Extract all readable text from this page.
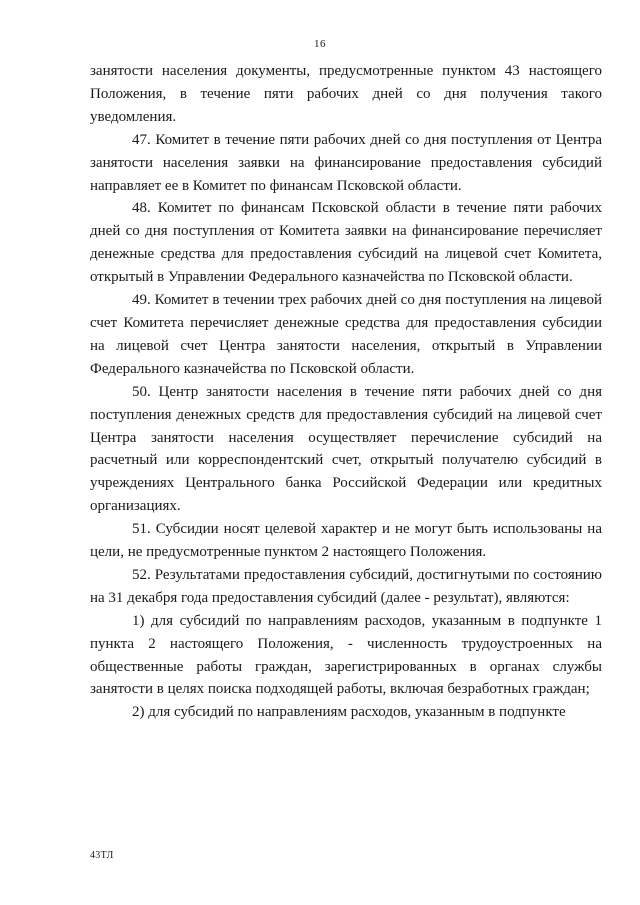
16

занятости населения документы, предусмотренные пунктом 43 настоящего Положения, в течение пяти рабочих дней со дня получения такого уведомления.

47. Комитет в течение пяти рабочих дней со дня поступления от Центра занятости населения заявки на финансирование предоставления субсидий направляет ее в Комитет по финансам Псковской области.

48. Комитет по финансам Псковской области в течение пяти рабочих дней со дня поступления от Комитета заявки на финансирование перечисляет денежные средства для предоставления субсидий на лицевой счет Комитета, открытый в Управлении Федерального казначейства по Псковской области.

49. Комитет в течении трех рабочих дней со дня поступления на лицевой счет Комитета перечисляет денежные средства для предоставления субсидии на лицевой счет Центра занятости населения, открытый в Управлении Федерального казначейства по Псковской области.

50. Центр занятости населения в течение пяти рабочих дней со дня поступления денежных средств для предоставления субсидий на лицевой счет Центра занятости населения осуществляет перечисление субсидий на расчетный или корреспондентский счет, открытый получателю субсидий в учреждениях Центрального банка Российской Федерации или кредитных организациях.

51. Субсидии носят целевой характер и не могут быть использованы на цели, не предусмотренные пунктом 2 настоящего Положения.

52. Результатами предоставления субсидий, достигнутыми по состоянию на 31 декабря года предоставления субсидий (далее - результат), являются:

1) для субсидий по направлениям расходов, указанным в подпункте 1 пункта 2 настоящего Положения, - численность трудоустроенных на общественные работы граждан, зарегистрированных в органах службы занятости в целях поиска подходящей работы, включая безработных граждан;

2) для субсидий по направлениям расходов, указанным в подпункте

43ТЛ
